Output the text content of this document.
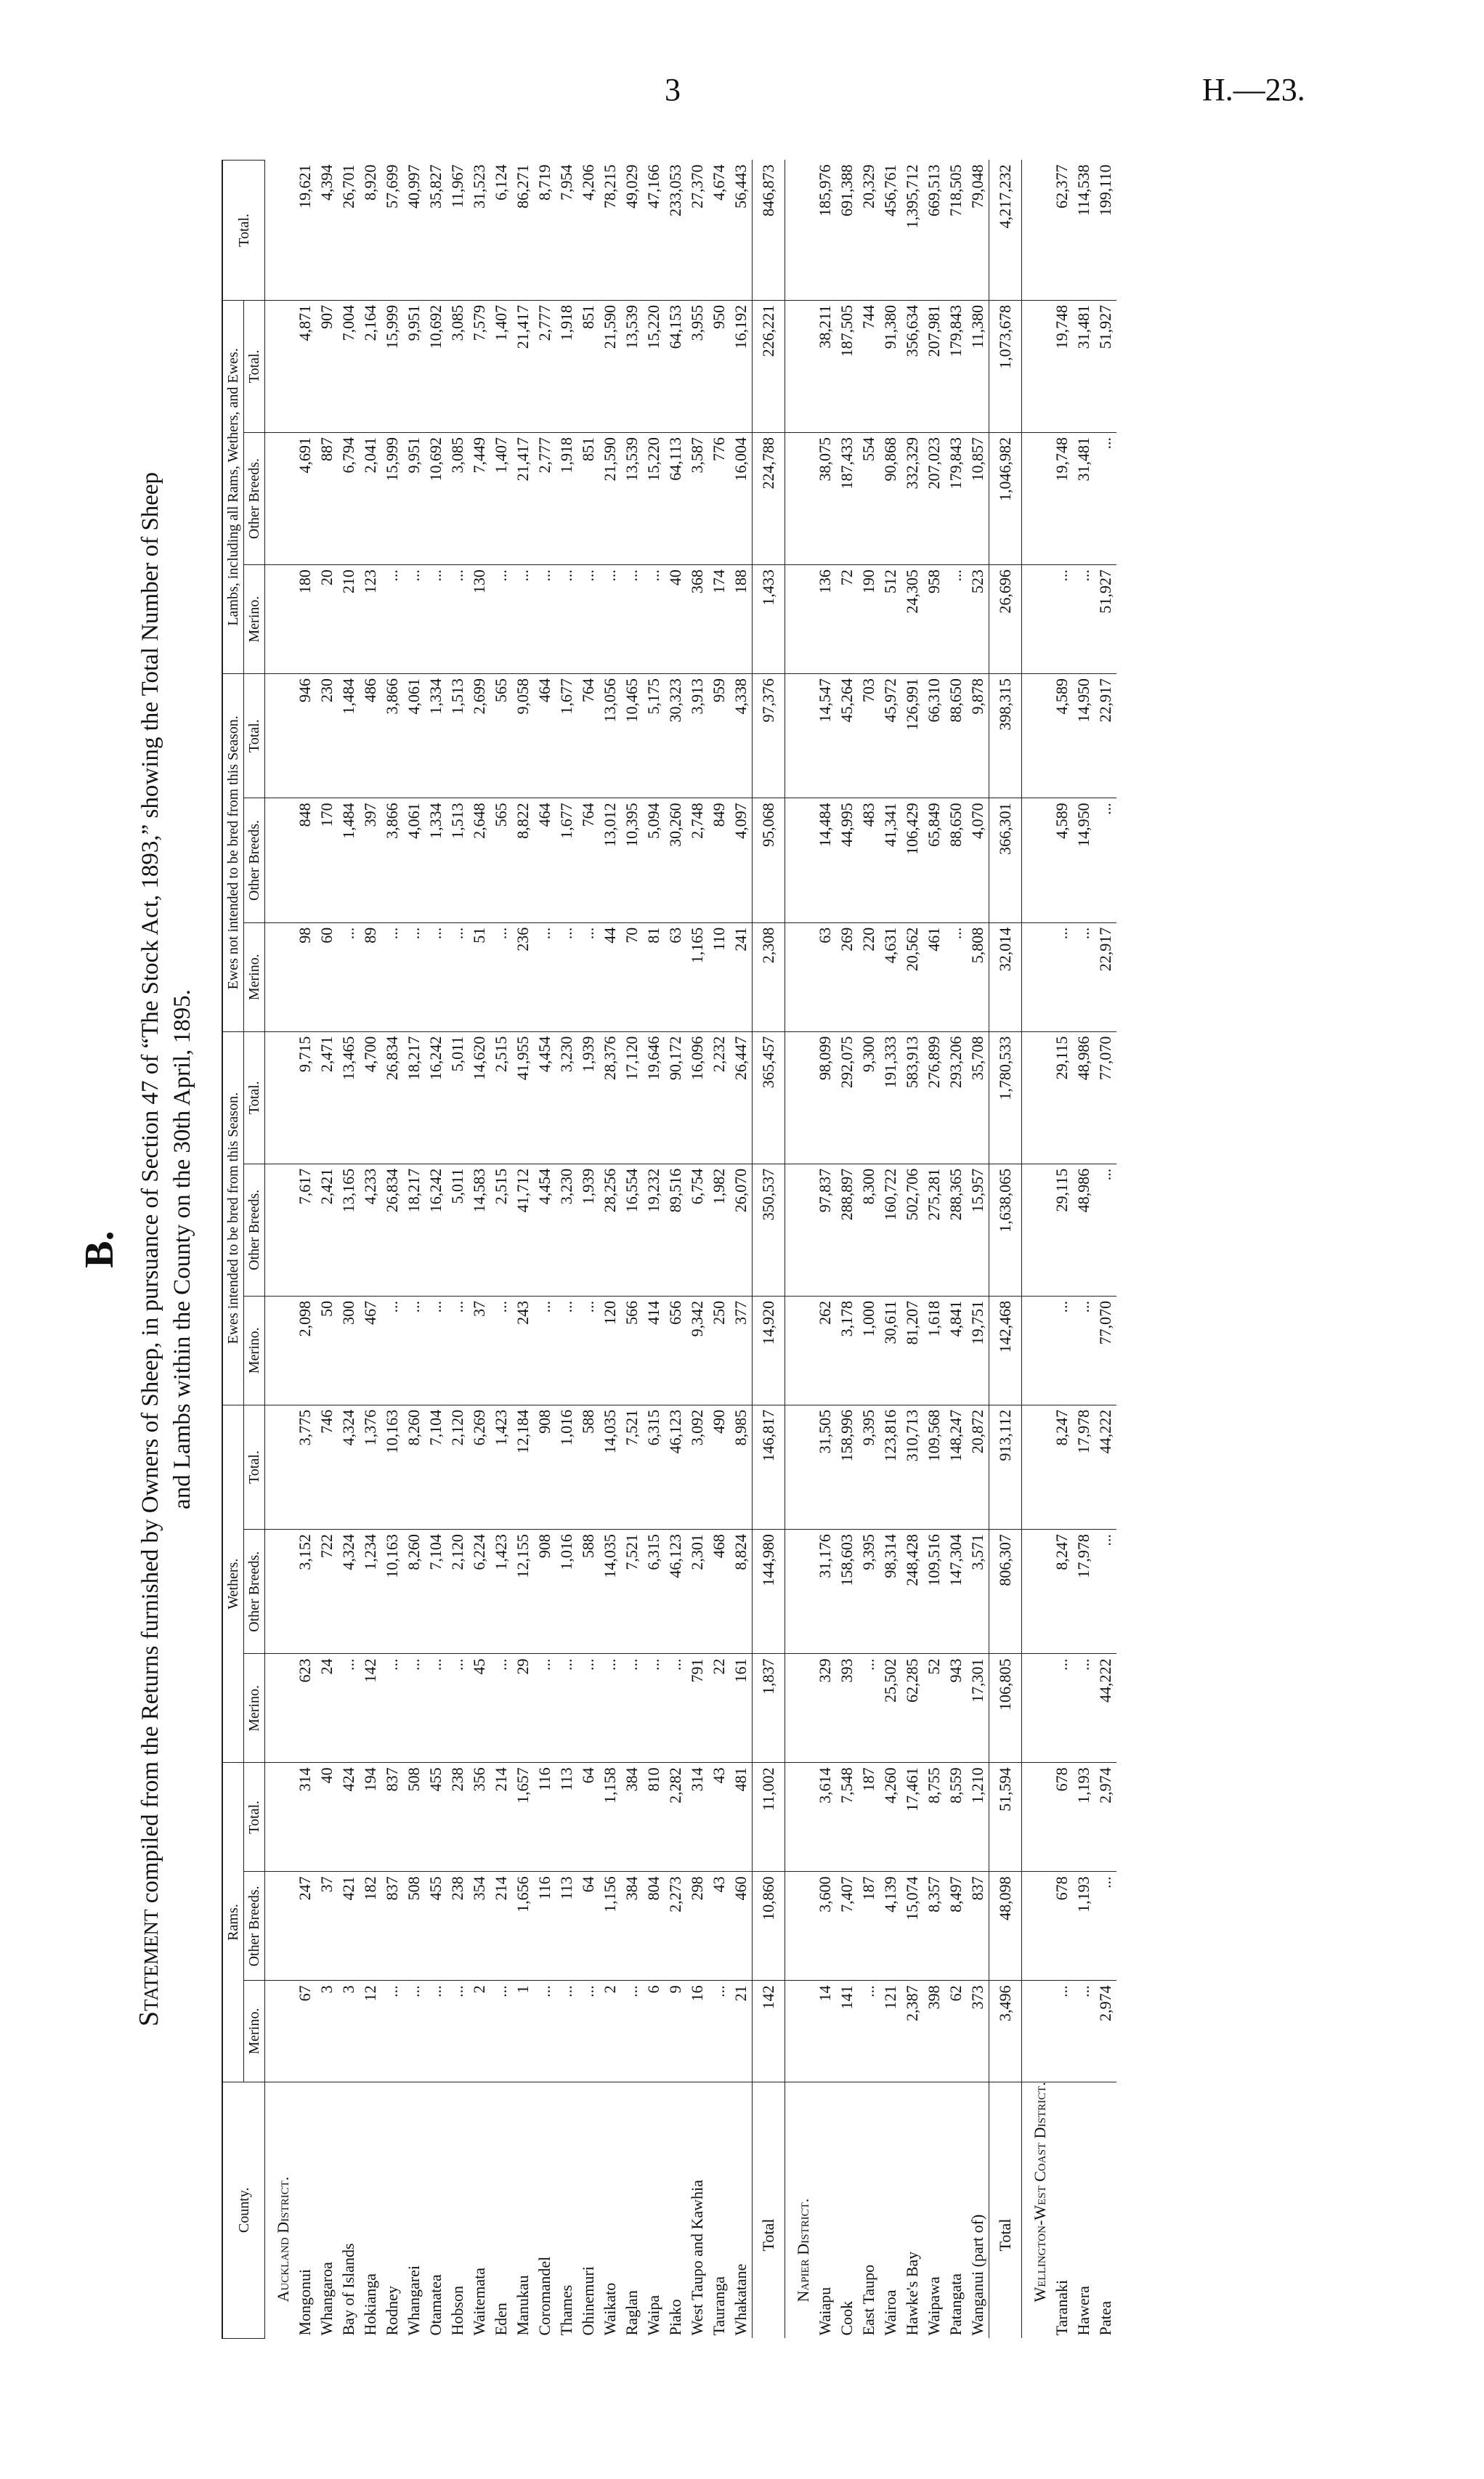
3	H.—23.
B.
Statement compiled from the Returns furnished by Owners of Sheep, in pursuance of Section 47 of “The Stock Act, 1893,” showing the Total Number of Sheep and Lambs within the County on the 30th April, 1895.
County.	Rams.			Wethers.			Ewes intended to be bred from this Season.			Ewes not intended to be bred from this Season.			Lambs, including all Rams, Wethers, and Ewes.			Total.
	Merino.	Other Breeds.	Total.	Merino.	Other Breeds.	Total.	Merino.	Other Breeds.	Total.	Merino.	Other Breeds.	Total.	Merino.	Other Breeds.	Total.	
Auckland District.																
Mongonui	67	247	314	623	3,152	3,775	2,098	7,617	9,715	98	848	946	180	4,691	4,871	19,621
Whangaroa	3	37	40	24	722	746	50	2,421	2,471	60	170	230	20	887	907	4,394
Bay of Islands	3	421	424	...	4,324	4,324	300	13,165	13,465	...	1,484	1,484	210	6,794	7,004	26,701
Hokianga	12	182	194	142	1,234	1,376	467	4,233	4,700	89	397	486	123	2,041	2,164	8,920
Rodney	...	837	837	...	10,163	10,163	...	26,834	26,834	...	3,866	3,866	...	15,999	15,999	57,699
Whangarei	...	508	508	...	8,260	8,260	...	18,217	18,217	...	4,061	4,061	...	9,951	9,951	40,997
Otamatea	...	455	455	...	7,104	7,104	...	16,242	16,242	...	1,334	1,334	...	10,692	10,692	35,827
Hobson	...	238	238	...	2,120	2,120	...	5,011	5,011	...	1,513	1,513	...	3,085	3,085	11,967
Waitemata	2	354	356	45	6,224	6,269	37	14,583	14,620	51	2,648	2,699	130	7,449	7,579	31,523
Eden	...	214	214	...	1,423	1,423	...	2,515	2,515	...	565	565	...	1,407	1,407	6,124
Manukau	1	1,656	1,657	29	12,155	12,184	243	41,712	41,955	236	8,822	9,058	...	21,417	21,417	86,271
Coromandel	...	116	116	...	908	908	...	4,454	4,454	...	464	464	...	2,777	2,777	8,719
Thames	...	113	113	...	1,016	1,016	...	3,230	3,230	...	1,677	1,677	...	1,918	1,918	7,954
Ohinemuri	...	64	64	...	588	588	...	1,939	1,939	...	764	764	...	851	851	4,206
Waikato	2	1,156	1,158	...	14,035	14,035	120	28,256	28,376	44	13,012	13,056	...	21,590	21,590	78,215
Raglan	...	384	384	...	7,521	7,521	566	16,554	17,120	70	10,395	10,465	...	13,539	13,539	49,029
Waipa	6	804	810	...	6,315	6,315	414	19,232	19,646	81	5,094	5,175	...	15,220	15,220	47,166
Piako	9	2,273	2,282	...	46,123	46,123	656	89,516	90,172	63	30,260	30,323	40	64,113	64,153	233,053
West Taupo and Kawhia	16	298	314	791	2,301	3,092	9,342	6,754	16,096	1,165	2,748	3,913	368	3,587	3,955	27,370
Tauranga	...	43	43	22	468	490	250	1,982	2,232	110	849	959	174	776	950	4,674
Whakatane	21	460	481	161	8,824	8,985	377	26,070	26,447	241	4,097	4,338	188	16,004	16,192	56,443
Total	142	10,860	11,002	1,837	144,980	146,817	14,920	350,537	365,457	2,308	95,068	97,376	1,433	224,788	226,221	846,873
Napier District.																
Waiapu	14	3,600	3,614	329	31,176	31,505	262	97,837	98,099	63	14,484	14,547	136	38,075	38,211	185,976
Cook	141	7,407	7,548	393	158,603	158,996	3,178	288,897	292,075	269	44,995	45,264	72	187,433	187,505	691,388
East Taupo	...	187	187	...	9,395	9,395	1,000	8,300	9,300	220	483	703	190	554	744	20,329
Wairoa	121	4,139	4,260	25,502	98,314	123,816	30,611	160,722	191,333	4,631	41,341	45,972	512	90,868	91,380	456,761
Hawke's Bay	2,387	15,074	17,461	62,285	248,428	310,713	81,207	502,706	583,913	20,562	106,429	126,991	24,305	332,329	356,634	1,395,712
Waipawa	398	8,357	8,755	52	109,516	109,568	1,618	275,281	276,899	461	65,849	66,310	958	207,023	207,981	669,513
Patangata	62	8,497	8,559	943	147,304	148,247	4,841	288,365	293,206	...	88,650	88,650	...	179,843	179,843	718,505
Wanganui (part of)	373	837	1,210	17,301	3,571	20,872	19,751	15,957	35,708	5,808	4,070	9,878	523	10,857	11,380	79,048
Total	3,496	48,098	51,594	106,805	806,307	913,112	142,468	1,638,065	1,780,533	32,014	366,301	398,315	26,696	1,046,982	1,073,678	4,217,232
Wellington-West Coast District.																
Taranaki	...	678	678	...	8,247	8,247	...	29,115	29,115	...	4,589	4,589	...	19,748	19,748	62,377
Hawera	...	1,193	1,193	...	17,978	17,978	...	48,986	48,986	...	14,950	14,950	...	31,481	31,481	114,538
Patea	2,974	...	2,974	44,222	...	44,222	77,070	...	77,070	22,917	...	22,917	51,927	...	51,927	199,110
